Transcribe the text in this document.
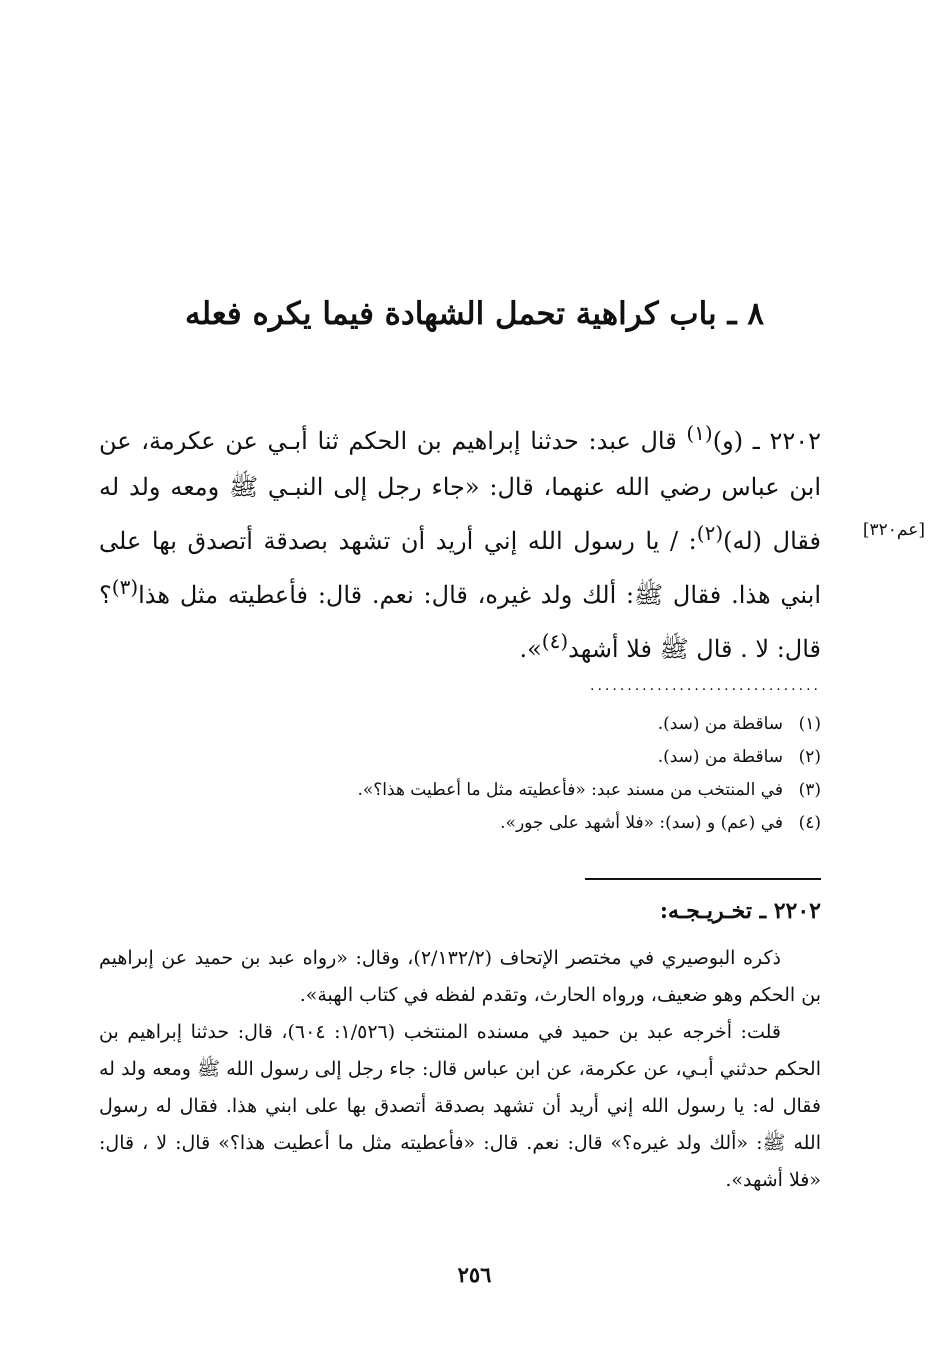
٨ ـ باب كراهية تحمل الشهادة فيما يكره فعله

٢٢٠٢ ـ (و)$^{(١)}$ قال عبد: حدثنا إبراهيم بن الحكم ثنا أبـي عن عكرمة، عن ابن عباس رضي الله عنهما، قال: «جاء رجل إلى النبـي ﷺ ومعه ولد له فقال (له)$^{(٢)}$: / يا رسول الله إني أريد أن تشهد بصدقة أتصدق بها على ابني هذا. فقال ﷺ: ألك ولد غيره، قال: نعم. قال: فأعطيته مثل هذا$^{(٣)}$؟ قال: لا . قال ﷺ فلا أشهد$^{(٤)}$».

[عم٣٢٠]
...............................
(١)ساقطة من (سد).
(٢)ساقطة من (سد).
(٣)في المنتخب من مسند عبد: «فأعطيته مثل ما أعطيت هذا؟».
(٤)في (عم) و (سد): «فلا أشهد على جور».
٢٢٠٢ ـ تخـريـجـه:

ذكره البوصيري في مختصر الإتحاف (٢/١٣٢/٢)، وقال: «رواه عبد بن حميد عن إبراهيم بن الحكم وهو ضعيف، ورواه الحارث، وتقدم لفظه في كتاب الهبة».

قلت: أخرجه عبد بن حميد في مسنده المنتخب (١/٥٢٦: ٦٠٤)، قال: حدثنا إبراهيم بن الحكم حدثني أبـي، عن عكرمة، عن ابن عباس قال: جاء رجل إلى رسول الله ﷺ ومعه ولد له فقال له: يا رسول الله إني أريد أن تشهد بصدقة أتصدق بها على ابني هذا. فقال له رسول الله ﷺ: «ألك ولد غيره؟» قال: نعم. قال: «فأعطيته مثل ما أعطيت هذا؟» قال: لا ، قال: «فلا أشهد».

٢٥٦
